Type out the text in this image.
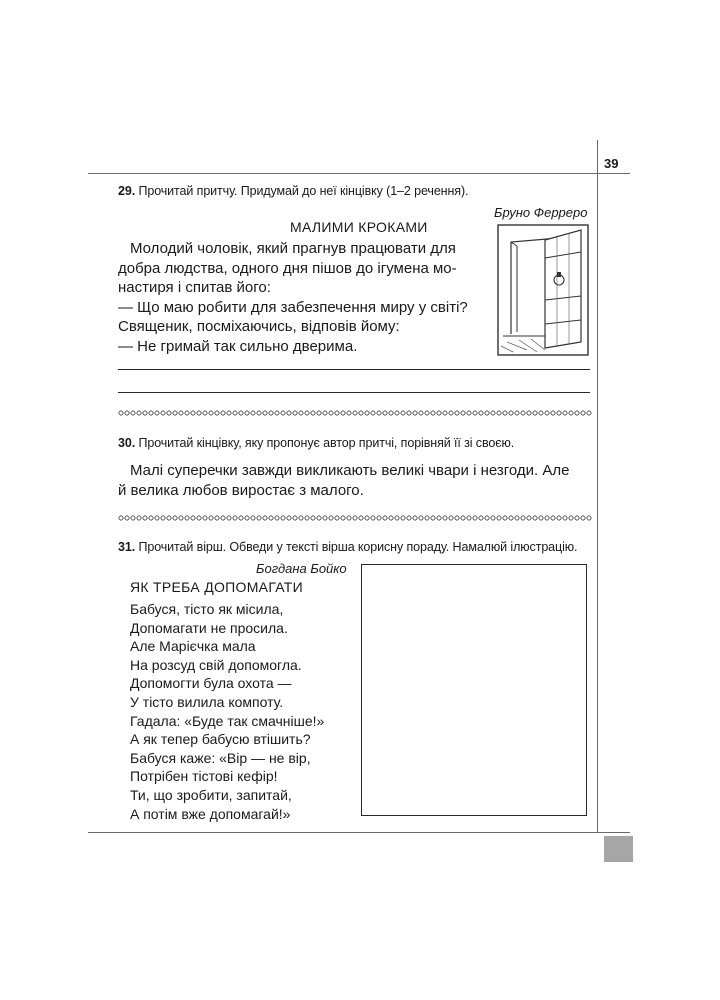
39
29. Прочитай притчу. Придумай до неї кінцівку (1–2 речення).
Бруно Ферреро
МАЛИМИ КРОКАМИ
Молодий чоловік, який прагнув працювати для
добра людства, одного дня пішов до ігумена мо-
настиря і спитав його:
— Що маю робити для забезпечення миру у світі?
Священик, посміхаючись, відповів йому:
— Не гримай так сильно дверима.
30. Прочитай кінцівку, яку пропонує автор притчі, порівняй її зі своєю.
Малі суперечки завжди викликають великі чвари і незгоди. Але
й велика любов виростає з малого.
31. Прочитай вірш. Обведи у тексті вірша корисну пораду. Намалюй ілюстрацію.
Богдана Бойко
ЯК ТРЕБА ДОПОМАГАТИ
Бабуся, тісто як місила,
Допомагати не просила.
Але Марієчка мала
На розсуд свій допомогла.
Допомогти була охота —
У тісто вилила компоту.
Гадала: «Буде так смачніше!»
А як тепер бабусю втішить?
Бабуся каже: «Вір — не вір,
Потрібен тістові кефір!
Ти, що зробити, запитай,
А потім вже допомагай!»
